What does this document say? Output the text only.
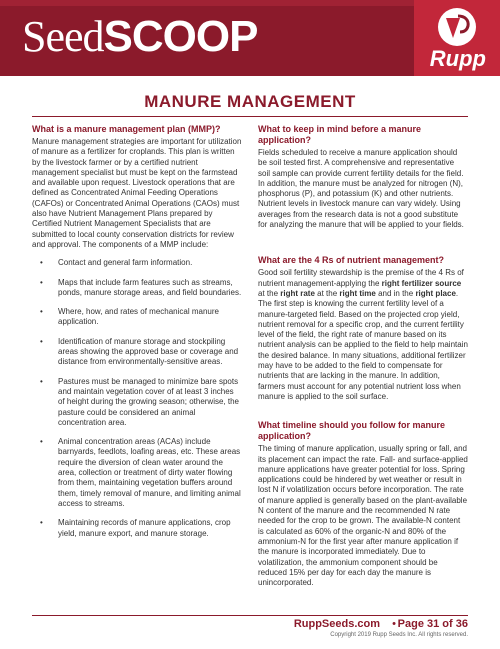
SeedSCOOP	Rupp
MANURE MANAGEMENT
What is a manure management plan (MMP)?

Manure management strategies are important for utilization of manure as a fertilizer for croplands. This plan is written by the livestock farmer or by a certified nutrient management specialist but must be kept on the farmstead and available upon request. Livestock operations that are defined as Concentrated Animal Feeding Operations (CAFOs) or Concentrated Animal Operations (CAOs) must also have Nutrient Management Plans prepared by Certified Nutrient Management Specialists that are submitted to local county conservation districts for review and approval. The components of a MMP include:

• Contact and general farm information.
• Maps that include farm features such as streams, ponds, manure storage areas, and field boundaries.
• Where, how, and rates of mechanical manure application.
• Identification of manure storage and stockpiling areas showing the approved base or coverage and distance from environmentally-sensitive areas.
• Pastures must be managed to minimize bare spots and maintain vegetation cover of at least 3 inches of height during the growing season; otherwise, the pasture could be considered an animal concentration area.
• Animal concentration areas (ACAs) include barnyards, feedlots, loafing areas, etc. These areas require the diversion of clean water around the area, collection or treatment of dirty water flowing from them, maintaining vegetation buffers around them, timely removal of manure, and limiting animal access to streams.
• Maintaining records of manure applications, crop yield, manure export, and manure storage.
What to keep in mind before a manure application?

Fields scheduled to receive a manure application should be soil tested first. A comprehensive and representative soil sample can provide current fertility details for the field. In addition, the manure must be analyzed for nitrogen (N), phosphorus (P), and potassium (K) and other nutrients. Nutrient levels in livestock manure can vary widely. Using averages from the research data is not a good substitute for analyzing the manure that will be applied to your fields.

What are the 4 Rs of nutrient management?

Good soil fertility stewardship is the premise of the 4 Rs of nutrient management-applying the right fertilizer source at the right rate at the right time and in the right place. The first step is knowing the current fertility level of a manure-targeted field. Based on the projected crop yield, nutrient removal for a specific crop, and the current fertility level of the field, the right rate of manure based on its nutrient analysis can be applied to the field to help maintain the desired balance. In many situations, additional fertilizer may have to be added to the field to compensate for nutrients that are lacking in the manure. In addition, farmers must account for any potential nutrient loss when manure is applied to the soil surface.

What timeline should you follow for manure application?

The timing of manure application, usually spring or fall, and its placement can impact the rate. Fall- and surface-applied manure applications have greater potential for loss. Spring applications could be hindered by wet weather or result in lost N if volatilization occurs before incorporation. The rate of manure applied is generally based on the plant-available N content of the manure and the recommended N rate needed for the crop to be grown. The available-N content is calculated as 60% of the organic-N and 80% of the ammonium-N for the first year after manure application if the manure is incorporated immediately. Due to volatilization, the ammonium component should be reduced 15% per day for each day the manure is unincorporated.

RuppSeeds.com • Page 31 of 36
Copyright 2019 Rupp Seeds Inc. All rights reserved.
